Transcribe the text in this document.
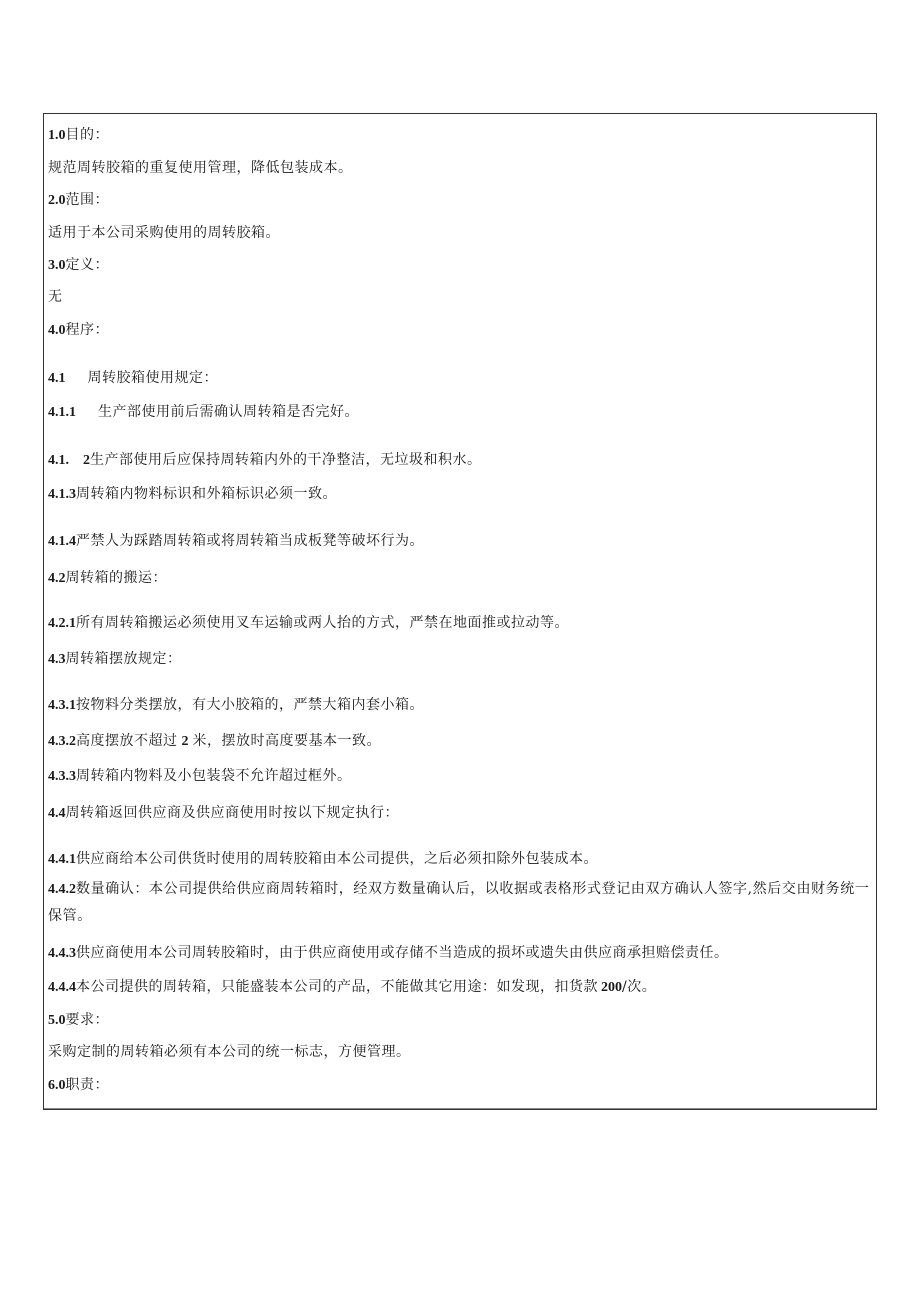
1.0目的：
规范周转胶箱的重复使用管理，降低包装成本。
2.0范围：
适用于本公司采购使用的周转胶箱。
3.0定义：
无
4.0程序：
4.1 周转胶箱使用规定：
4.1.1 生产部使用前后需确认周转箱是否完好。
4.1. 2生产部使用后应保持周转箱内外的干净整洁，无垃圾和积水。
4.1.3周转箱内物料标识和外箱标识必须一致。
4.1.4严禁人为踩踏周转箱或将周转箱当成板凳等破坏行为。
4.2周转箱的搬运：
4.2.1所有周转箱搬运必须使用叉车运输或两人抬的方式，严禁在地面推或拉动等。
4.3周转箱摆放规定：
4.3.1按物料分类摆放，有大小胶箱的，严禁大箱内套小箱。
4.3.2高度摆放不超过 2 米，摆放时高度要基本一致。
4.3.3周转箱内物料及小包装袋不允许超过框外。
4.4周转箱返回供应商及供应商使用时按以下规定执行：
4.4.1供应商给本公司供货时使用的周转胶箱由本公司提供，之后必须扣除外包装成本。
4.4.2数量确认：本公司提供给供应商周转箱时，经双方数量确认后，以收据或表格形式登记由双方确认人签字,然后交由财务统一保管。
4.4.3供应商使用本公司周转胶箱时，由于供应商使用或存储不当造成的损坏或遗失由供应商承担赔偿责任。
4.4.4本公司提供的周转箱，只能盛装本公司的产品，不能做其它用途：如发现，扣货款 200/次。
5.0要求：
采购定制的周转箱必须有本公司的统一标志，方便管理。
6.0职责：
